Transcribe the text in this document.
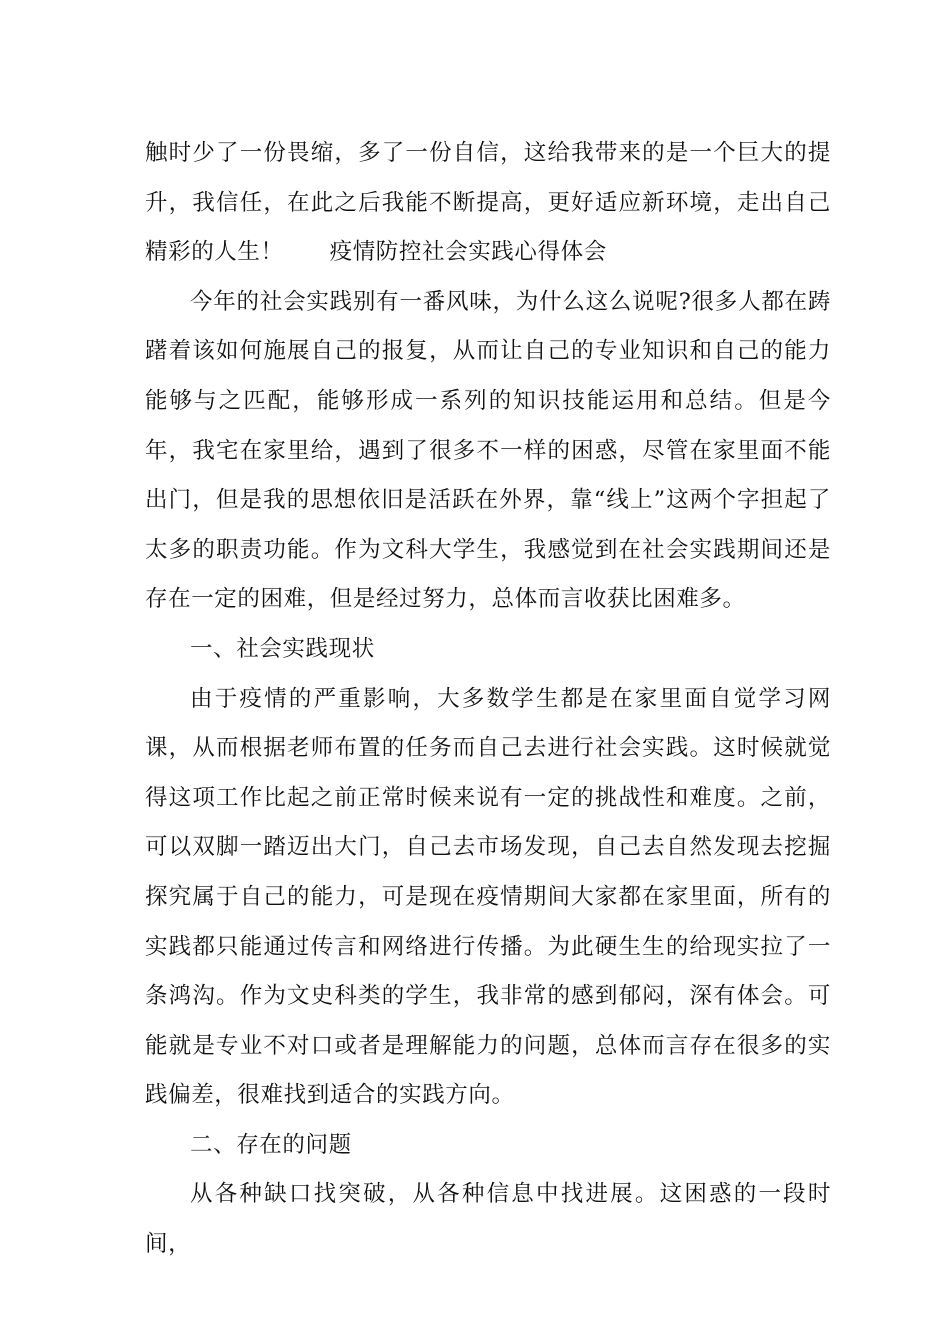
触时少了一份畏缩，多了一份自信，这给我带来的是一个巨大的提升，我信任，在此之后我能不断提高，更好适应新环境，走出自己精彩的人生！ 疫情防控社会实践心得体会

今年的社会实践别有一番风味，为什么这么说呢?很多人都在踌躇着该如何施展自己的报复，从而让自己的专业知识和自己的能力能够与之匹配，能够形成一系列的知识技能运用和总结。但是今年，我宅在家里给，遇到了很多不一样的困惑，尽管在家里面不能出门，但是我的思想依旧是活跃在外界，靠“线上”这两个字担起了太多的职责功能。作为文科大学生，我感觉到在社会实践期间还是存在一定的困难，但是经过努力，总体而言收获比困难多。

一、社会实践现状

由于疫情的严重影响，大多数学生都是在家里面自觉学习网课，从而根据老师布置的任务而自己去进行社会实践。这时候就觉得这项工作比起之前正常时候来说有一定的挑战性和难度。之前，可以双脚一踏迈出大门，自己去市场发现，自己去自然发现去挖掘探究属于自己的能力，可是现在疫情期间大家都在家里面，所有的实践都只能通过传言和网络进行传播。为此硬生生的给现实拉了一条鸿沟。作为文史科类的学生，我非常的感到郁闷，深有体会。可能就是专业不对口或者是理解能力的问题，总体而言存在很多的实践偏差，很难找到适合的实践方向。

二、存在的问题

从各种缺口找突破，从各种信息中找进展。这困惑的一段时间，
